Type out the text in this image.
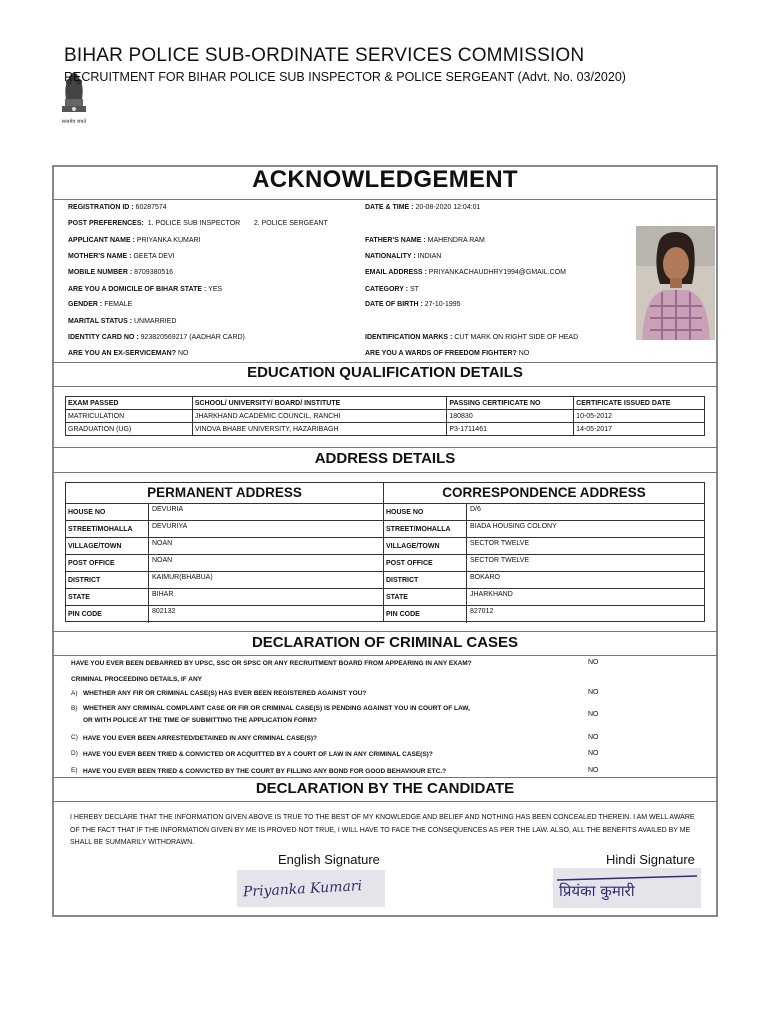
सत्यमेव जयते
BIHAR POLICE SUB-ORDINATE SERVICES COMMISSION
RECRUITMENT FOR BIHAR POLICE SUB INSPECTOR & POLICE SERGEANT (Advt. No. 03/2020)
ACKNOWLEDGEMENT
REGISTRATION ID : 60287574	DATE & TIME : 20-08-2020 12:04:01
POST PREFERENCES: 1. POLICE SUB INSPECTOR 2. POLICE SERGEANT
APPLICANT NAME : PRIYANKA KUMARI	FATHER'S NAME : MAHENDRA RAM
MOTHER'S NAME : GEETA DEVI	NATIONALITY : INDIAN
MOBILE NUMBER : 8709380516	EMAIL ADDRESS : PRIYANKACHAUDHRY1994@GMAIL.COM
ARE YOU A DOMICILE OF BIHAR STATE : YES	CATEGORY : ST
GENDER : FEMALE	DATE OF BIRTH : 27-10-1995
MARITAL STATUS : UNMARRIED
IDENTITY CARD NO : 923820569217 (AADHAR CARD)	IDENTIFICATION MARKS : CUT MARK ON RIGHT SIDE OF HEAD
ARE YOU AN EX-SERVICEMAN? NO	ARE YOU A WARDS OF FREEDOM FIGHTER? NO
EDUCATION QUALIFICATION DETAILS
EXAM PASSED	SCHOOL/ UNIVERSITY/ BOARD/ INSTITUTE	PASSING CERTIFICATE NO	CERTIFICATE ISSUED DATE
MATRICULATION	JHARKHAND ACADEMIC COUNCIL, RANCHI	180830	10-05-2012
GRADUATION (UG)	VINOVA BHABE UNIVERSITY, HAZARIBAGH	P3-1711461	14-05-2017
ADDRESS DETAILS
PERMANENT ADDRESS
HOUSE NO	DEVURIA
STREET/MOHALLA	DEVURIYA
VILLAGE/TOWN	NOAN
POST OFFICE	NOAN
DISTRICT	KAIMUR(BHABUA)
STATE	BIHAR
PIN CODE	802132
CORRESPONDENCE ADDRESS
HOUSE NO	D/6
STREET/MOHALLA	BIADA HOUSING COLONY
VILLAGE/TOWN	SECTOR TWELVE
POST OFFICE	SECTOR TWELVE
DISTRICT	BOKARO
STATE	JHARKHAND
PIN CODE	827012
DECLARATION OF CRIMINAL CASES
HAVE YOU EVER BEEN DEBARRED BY UPSC, SSC OR SPSC OR ANY RECRUITMENT BOARD FROM APPEARING IN ANY EXAM?	NO
CRIMINAL PROCEEDING DETAILS, IF ANY
A) WHETHER ANY FIR OR CRIMINAL CASE(S) HAS EVER BEEN REGISTERED AGAINST YOU?	NO
B) WHETHER ANY CRIMINAL COMPLAINT CASE OR FIR OR CRIMINAL CASE(S) IS PENDING AGAINST YOU IN COURT OF LAW,
OR WITH POLICE AT THE TIME OF SUBMITTING THE APPLICATION FORM?
NO
C) HAVE YOU EVER BEEN ARRESTED/DETAINED IN ANY CRIMINAL CASE(S)?	NO
D) HAVE YOU EVER BEEN TRIED & CONVICTED OR ACQUITTED BY A COURT OF LAW IN ANY CRIMINAL CASE(S)?	NO
E) HAVE YOU EVER BEEN TRIED & CONVICTED BY THE COURT BY FILLING ANY BOND FOR GOOD BEHAVIOUR ETC.?	NO
DECLARATION BY THE CANDIDATE
I HEREBY DECLARE THAT THE INFORMATION GIVEN ABOVE IS TRUE TO THE BEST OF MY KNOWLEDGE AND BELIEF AND NOTHING HAS BEEN CONCEALED THEREIN. I AM WELL AWARE OF THE FACT THAT IF THE INFORMATION GIVEN BY ME IS PROVED NOT TRUE, I WILL HAVE TO FACE THE CONSEQUENCES AS PER THE LAW. ALSO, ALL THE BENEFITS AVAILED BY ME SHALL BE SUMMARILY WITHDRAWN.
English Signature	Hindi Signature
Priyanka Kumari	प्रियंका कुमारी
